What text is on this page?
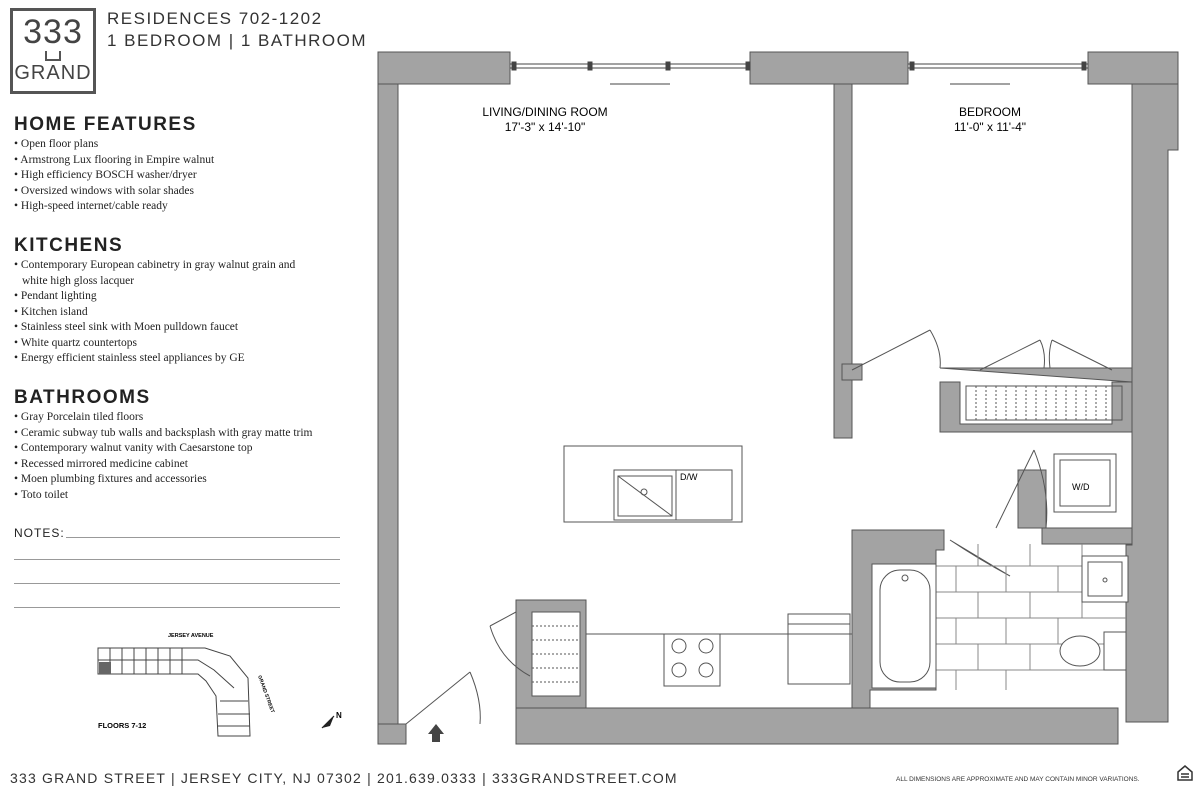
333
GRAND
RESIDENCES 702-1202
1 BEDROOM | 1 BATHROOM
HOME FEATURES
• Open floor plans
• Armstrong Lux flooring in Empire walnut
• High efficiency BOSCH washer/dryer
• Oversized windows with solar shades
• High-speed internet/cable ready
KITCHENS
• Contemporary European cabinetry in gray walnut grain and white high gloss lacquer
• Pendant lighting
• Kitchen island
• Stainless steel sink with Moen pulldown faucet
• White quartz countertops
• Energy efficient stainless steel appliances by GE
BATHROOMS
• Gray Porcelain tiled floors
• Ceramic subway tub walls and backsplash with gray matte trim
• Contemporary walnut vanity with Caesarstone top
• Recessed mirrored medicine cabinet
• Moen plumbing fixtures and accessories
• Toto toilet
NOTES:
JERSEY AVENUE
GRAND STREET
FLOORS 7-12
N
D/W
W/D
LIVING/DINING ROOM
17'-3" x 14'-10"
BEDROOM
11'-0" x 11'-4"
333 GRAND STREET | JERSEY CITY, NJ 07302 | 201.639.0333 | 333GRANDSTREET.COM	ALL DIMENSIONS ARE APPROXIMATE AND MAY CONTAIN MINOR VARIATIONS.
